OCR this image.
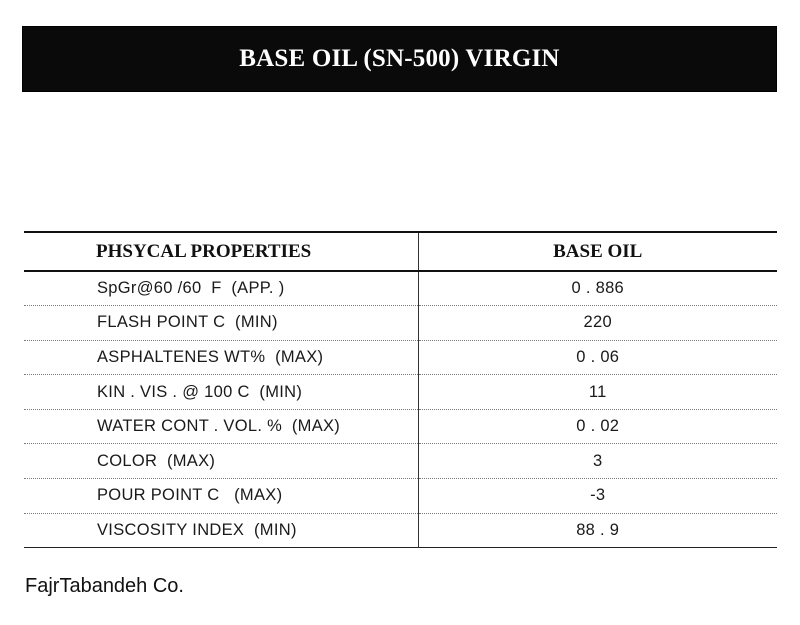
BASE OIL (SN-500) VIRGIN
PHSYCAL PROPERTIES	BASE OIL
SpGr@60 /60  F  (APP. )	0 . 886
FLASH POINT C  (MIN)	220
ASPHALTENES WT%  (MAX)	0 . 06
KIN . VIS . @ 100 C  (MIN)	11
WATER CONT . VOL. %  (MAX)	0 . 02
COLOR  (MAX)	3
POUR POINT C   (MAX)	-3
VISCOSITY INDEX  (MIN)	88 . 9
FajrTabandeh Co.
